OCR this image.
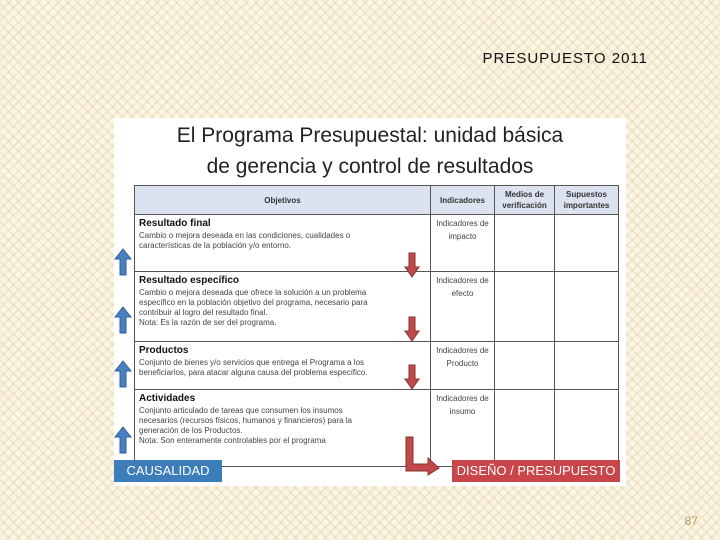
PRESUPUESTO 2011
El Programa Presupuestal: unidad básica
de gerencia y control de resultados
Objetivos	Indicadores	Medios de verificación	Supuestos importantes

Resultado final
Cambio o mejora deseada en las condiciones, cualidades o
características de la población y/o entorno.	Indicadores de impacto		

Resultado específico
Cambio o mejora deseada que ofrece la solución a un problema
específico en la población objetivo del programa, necesario para
contribuir al logro del resultado final.
Nota: Es la razón de ser del programa.	Indicadores de efecto		

Productos
Conjunto de bienes y/o servicios que entrega el Programa a los
beneficiarios, para atacar alguna causa del problema específico.	Indicadores de Producto		

Actividades
Conjunto articulado de tareas que consumen los insumos
necesarios (recursos físicos, humanos y financieros) para la
generación de los Productos.
Nota: Son enteramente controlables por el programa	Indicadores de insumo		
CAUSALIDAD	DISEÑO / PRESUPUESTO
87
